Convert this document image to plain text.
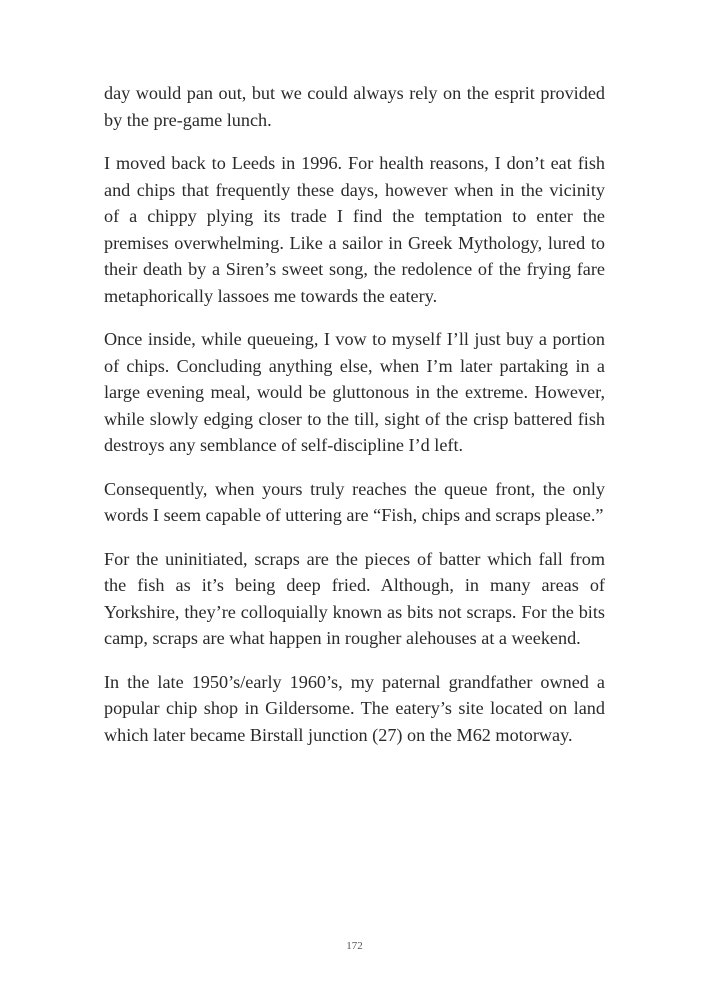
day would pan out, but we could always rely on the esprit provided by the pre-game lunch.

I moved back to Leeds in 1996. For health reasons, I don’t eat fish and chips that frequently these days, however when in the vicinity of a chippy plying its trade I find the temptation to enter the premises overwhelming. Like a sailor in Greek Mythology, lured to their death by a Siren’s sweet song, the redolence of the frying fare metaphorically lassoes me towards the eatery.

Once inside, while queueing, I vow to myself I’ll just buy a portion of chips. Concluding anything else, when I’m later partaking in a large evening meal, would be gluttonous in the extreme. However, while slowly edging closer to the till, sight of the crisp battered fish destroys any semblance of self-discipline I’d left.

Consequently, when yours truly reaches the queue front, the only words I seem capable of uttering are “Fish, chips and scraps please.”

For the uninitiated, scraps are the pieces of batter which fall from the fish as it’s being deep fried. Although, in many areas of Yorkshire, they’re colloquially known as bits not scraps. For the bits camp, scraps are what happen in rougher alehouses at a weekend.

In the late 1950’s/early 1960’s, my paternal grandfather owned a popular chip shop in Gildersome. The eatery’s site located on land which later became Birstall junction (27) on the M62 motorway.

172
